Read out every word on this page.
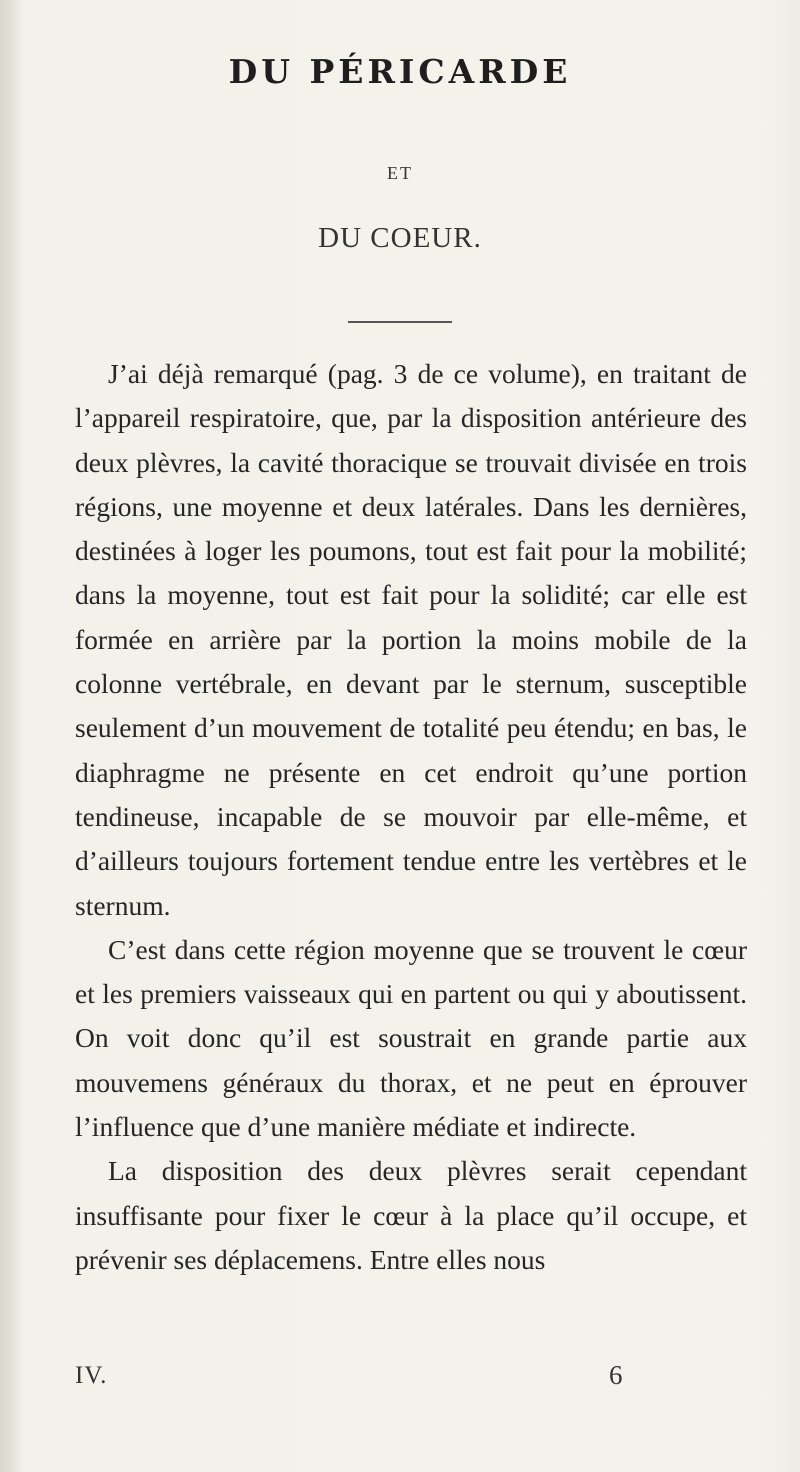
DU PÉRICARDE
ET
DU COEUR.

J’ai déjà remarqué (pag. 3 de ce volume), en traitant de l’appareil respiratoire, que, par la disposition antérieure des deux plèvres, la cavité thoracique se trouvait divisée en trois régions, une moyenne et deux latérales. Dans les dernières, destinées à loger les poumons, tout est fait pour la mobilité; dans la moyenne, tout est fait pour la solidité; car elle est formée en arrière par la portion la moins mobile de la colonne vertébrale, en devant par le sternum, susceptible seulement d’un mouvement de totalité peu étendu; en bas, le diaphragme ne présente en cet endroit qu’une portion tendineuse, incapable de se mouvoir par elle-même, et d’ailleurs toujours fortement tendue entre les vertèbres et le sternum.

C’est dans cette région moyenne que se trouvent le cœur et les premiers vaisseaux qui en partent ou qui y aboutissent. On voit donc qu’il est soustrait en grande partie aux mouvemens généraux du thorax, et ne peut en éprouver l’influence que d’une manière médiate et indirecte.

La disposition des deux plèvres serait cependant insuffisante pour fixer le cœur à la place qu’il occupe, et prévenir ses déplacemens. Entre elles nous

IV.	6
